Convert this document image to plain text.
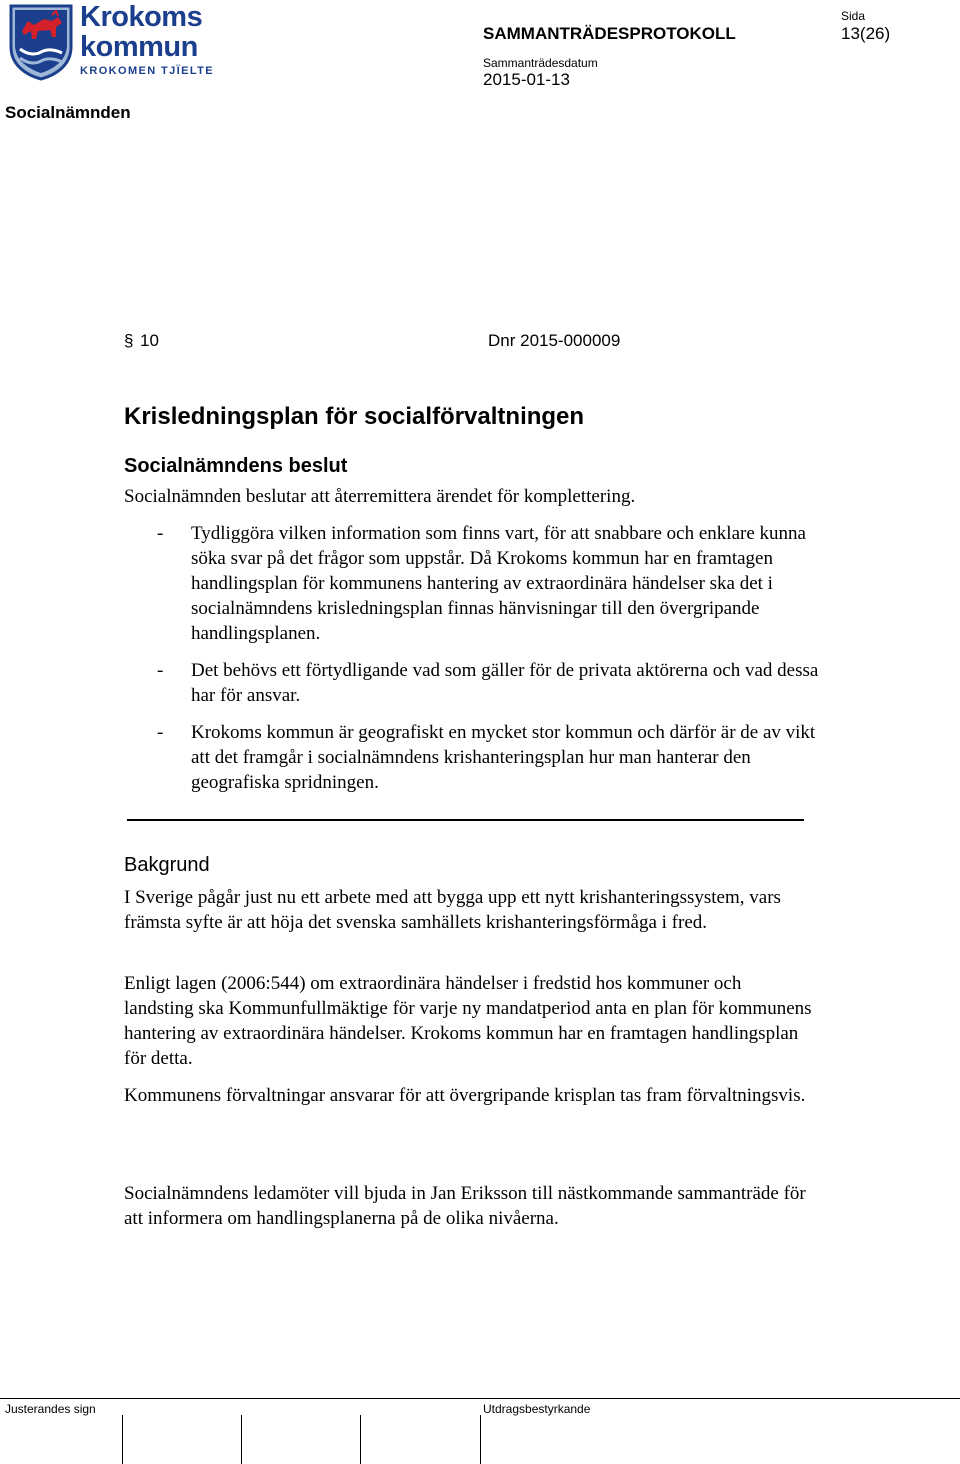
Krokoms
kommun
KROKOMEN TJÏELTE
Socialnämnden
SAMMANTRÄDESPROTOKOLL
Sammanträdesdatum
2015-01-13
Sida
13(26)
§ 10	Dnr 2015-000009
Krisledningsplan för socialförvaltningen
Socialnämndens beslut
Socialnämnden beslutar att återremittera ärendet för komplettering.
- Tydliggöra vilken information som finns vart, för att snabbare och enklare kunna söka svar på det frågor som uppstår. Då Krokoms kommun har en framtagen handlingsplan för kommunens hantering av extraordinära händelser ska det i socialnämndens krisledningsplan finnas hänvisningar till den övergripande handlingsplanen.
- Det behövs ett förtydligande vad som gäller för de privata aktörerna och vad dessa har för ansvar.
- Krokoms kommun är geografiskt en mycket stor kommun och därför är de av vikt att det framgår i socialnämndens krishanteringsplan hur man hanterar den geografiska spridningen.
Bakgrund
I Sverige pågår just nu ett arbete med att bygga upp ett nytt krishanteringssystem, vars främsta syfte är att höja det svenska samhällets krishanteringsförmåga i fred.
Enligt lagen (2006:544) om extraordinära händelser i fredstid hos kommuner och landsting ska Kommunfullmäktige för varje ny mandatperiod anta en plan för kommunens hantering av extraordinära händelser. Krokoms kommun har en framtagen handlingsplan för detta.
Kommunens förvaltningar ansvarar för att övergripande krisplan tas fram förvaltningsvis.
Socialnämndens ledamöter vill bjuda in Jan Eriksson till nästkommande sammanträde för att informera om handlingsplanerna på de olika nivåerna.
Justerandes sign	Utdragsbestyrkande
